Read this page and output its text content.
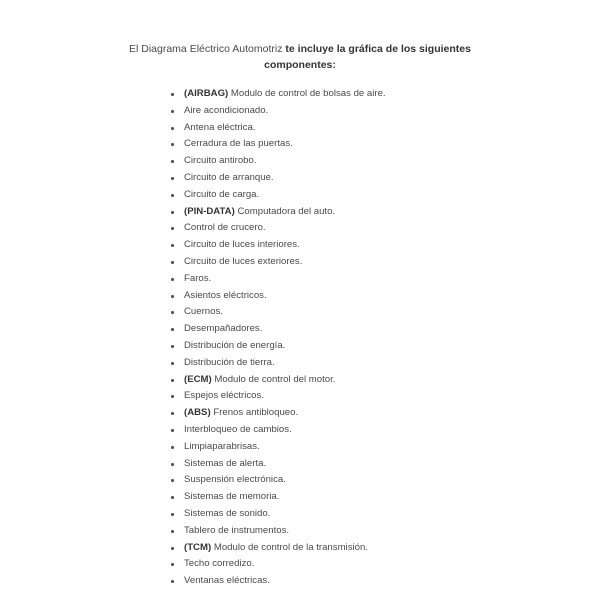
El Diagrama Eléctrico Automotriz te incluye la gráfica de los siguientes componentes:

(AIRBAG) Modulo de control de bolsas de aire.
Aire acondicionado.
Antena eléctrica.
Cerradura de las puertas.
Circuito antirobo.
Circuito de arranque.
Circuito de carga.
(PIN-DATA) Computadora del auto.
Control de crucero.
Circuito de luces interiores.
Circuito de luces exteriores.
Faros.
Asientos eléctricos.
Cuernos.
Desempañadores.
Distribución de energía.
Distribución de tierra.
(ECM) Modulo de control del motor.
Espejos eléctricos.
(ABS) Frenos antibloqueo.
Interbloqueo de cambios.
Limpiaparabrisas.
Sistemas de alerta.
Suspensión electrónica.
Sistemas de memoria.
Sistemas de sonido.
Tablero de instrumentos.
(TCM) Modulo de control de la transmisión.
Techo corredizo.
Ventanas eléctricas.
